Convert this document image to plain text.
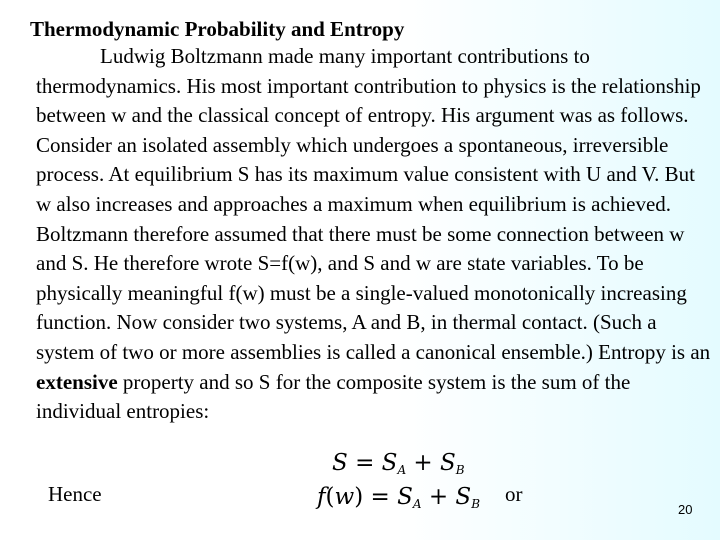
Thermodynamic Probability and Entropy

Ludwig Boltzmann made many important contributions to thermodynamics. His most important contribution to physics is the relationship between w and the classical concept of entropy. His argument was as follows. Consider an isolated assembly which undergoes a spontaneous, irreversible process. At equilibrium S has its maximum value consistent with U and V. But w also increases and approaches a maximum when equilibrium is achieved. Boltzmann therefore assumed that there must be some connection between w and S. He therefore wrote S=f(w), and S and w are state variables. To be physically meaningful f(w) must be a single-valued monotonically increasing function. Now consider two systems, A and B, in thermal contact. (Such a system of two or more assemblies is called a canonical ensemble.) Entropy is an extensive property and so S for the composite system is the sum of the individual entropies:

$S = S_A + S_B$
Hence	$f(w) = S_A + S_B$ or
20
